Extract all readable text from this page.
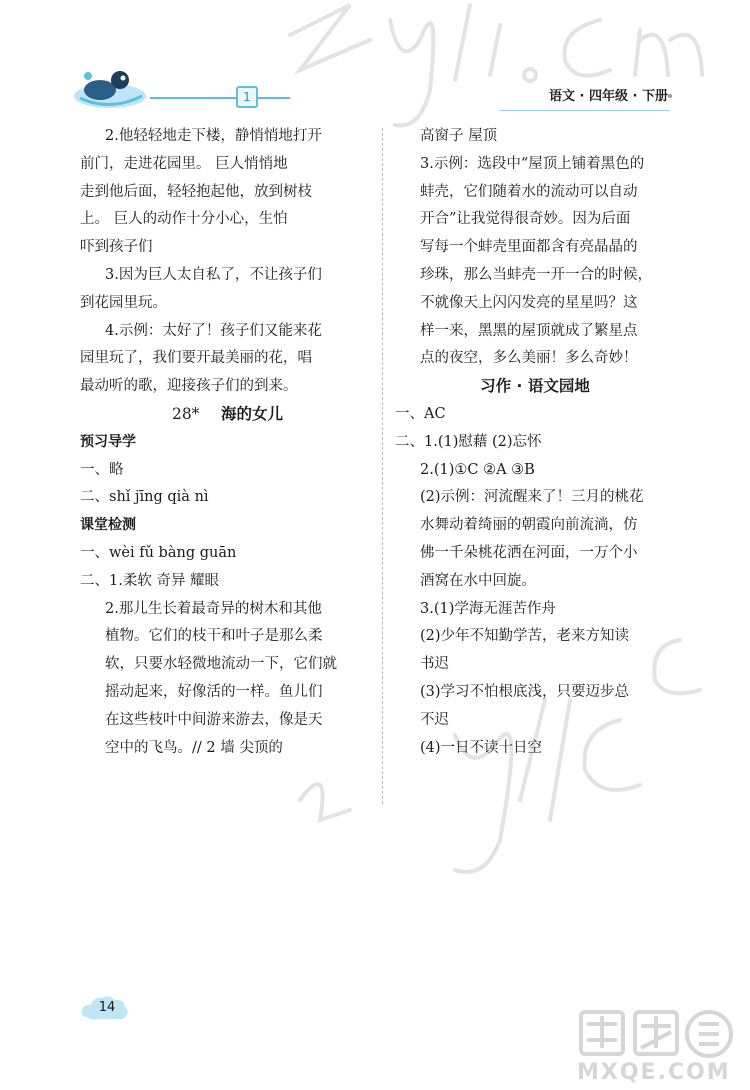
1	语文 · 四年级 · 下册

2.他轻轻地走下楼，静悄悄地打开

前门，走进花园里。 巨人悄悄地

走到他后面，轻轻抱起他，放到树枝

上。 巨人的动作十分小心，生怕

吓到孩子们

3.因为巨人太自私了，不让孩子们

到花园里玩。

4.示例：太好了！孩子们又能来花

园里玩了，我们要开最美丽的花，唱

最动听的歌，迎接孩子们的到来。

28* 海的女儿

预习导学

一、略

二、shǐ jīng qià nì

课堂检测

一、wèi fǔ bàng guān

二、1.柔软 奇异 耀眼

2.那儿生长着最奇异的树木和其他

植物。它们的枝干和叶子是那么柔

软，只要水轻微地流动一下，它们就

摇动起来，好像活的一样。鱼儿们

在这些枝叶中间游来游去，像是天

空中的飞鸟。// 2 墙 尖顶的

高窗子 屋顶

3.示例：选段中“屋顶上铺着黑色的

蚌壳，它们随着水的流动可以自动

开合”让我觉得很奇妙。因为后面

写每一个蚌壳里面都含有亮晶晶的

珍珠，那么当蚌壳一开一合的时候，

不就像天上闪闪发亮的星星吗？这

样一来，黑黑的屋顶就成了繁星点

点的夜空，多么美丽！多么奇妙！

习作 · 语文园地

一、AC

二、1.(1)慰藉 (2)忘怀

2.(1)①C ②A ③B

(2)示例：河流醒来了！三月的桃花

水舞动着绮丽的朝霞向前流淌，仿

佛一千朵桃花洒在河面，一万个小

酒窝在水中回旋。

3.(1)学海无涯苦作舟

(2)少年不知勤学苦，老来方知读

书迟

(3)学习不怕根底浅，只要迈步总

不迟

(4)一日不读十日空

14
MXQE.COM
